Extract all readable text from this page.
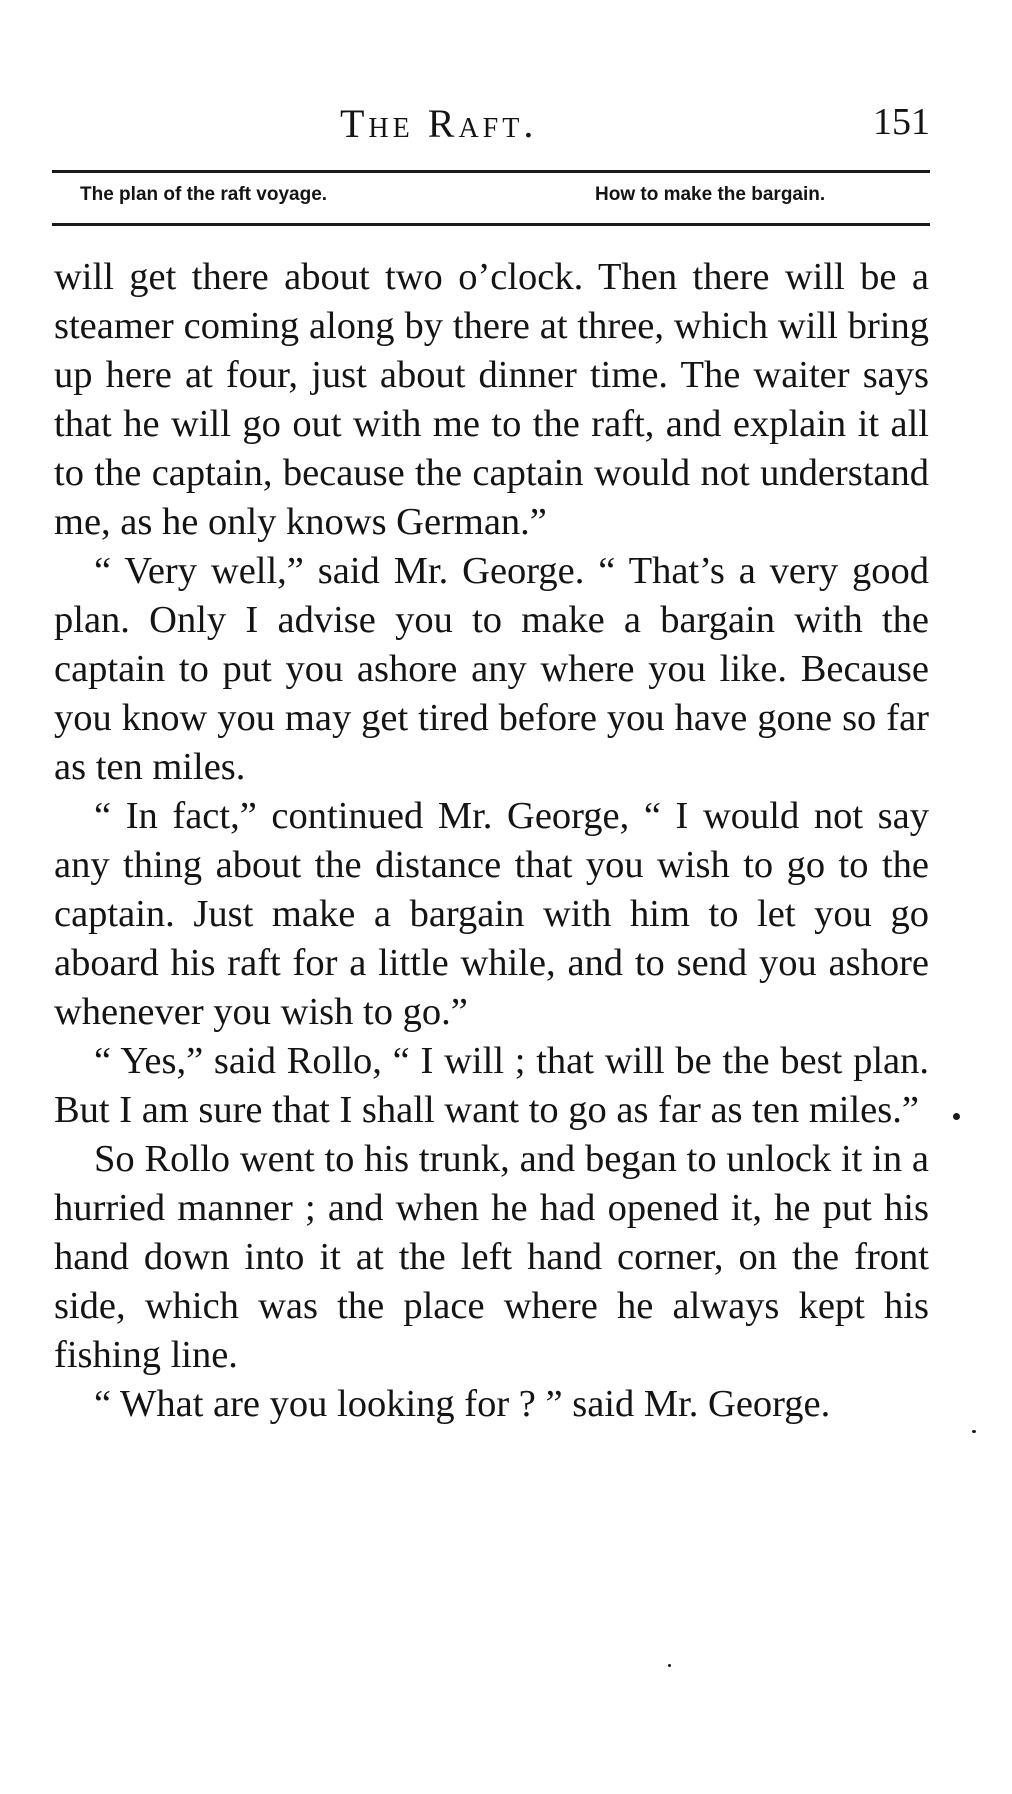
The Raft.	151
The plan of the raft voyage.	How to make the bargain.

will get there about two o’clock. Then there will be a steamer coming along by there at three, which will bring up here at four, just about dinner time. The waiter says that he will go out with me to the raft, and explain it all to the captain, because the captain would not understand me, as he only knows German.”

“ Very well,” said Mr. George. “ That’s a very good plan. Only I advise you to make a bargain with the captain to put you ashore any where you like. Because you know you may get tired before you have gone so far as ten miles.

“ In fact,” continued Mr. George, “ I would not say any thing about the distance that you wish to go to the captain. Just make a bargain with him to let you go aboard his raft for a little while, and to send you ashore whenever you wish to go.”

“ Yes,” said Rollo, “ I will ; that will be the best plan. But I am sure that I shall want to go as far as ten miles.”

So Rollo went to his trunk, and began to unlock it in a hurried manner ; and when he had opened it, he put his hand down into it at the left hand corner, on the front side, which was the place where he always kept his fishing line.

“ What are you looking for ? ” said Mr. George.
